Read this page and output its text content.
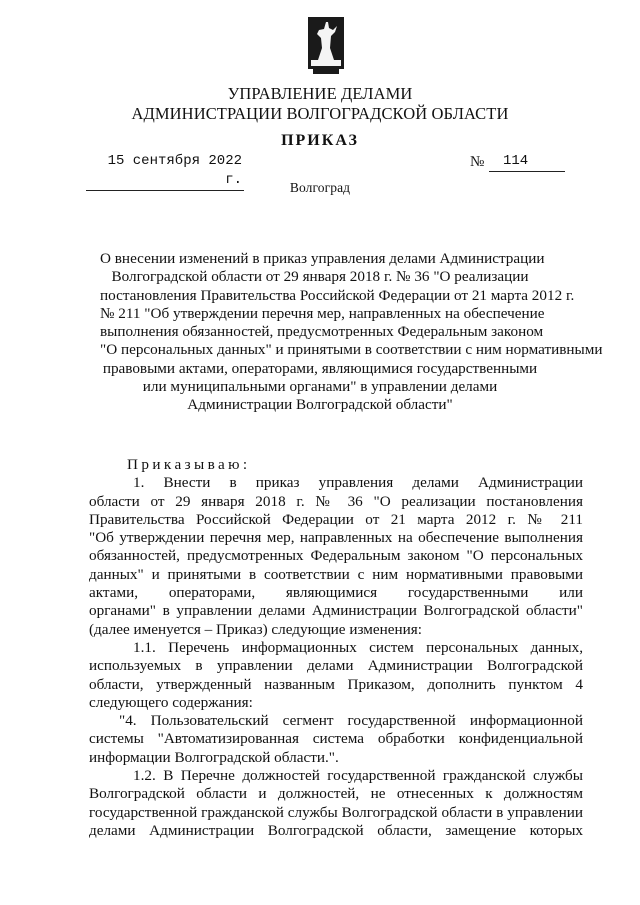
УПРАВЛЕНИЕ ДЕЛАМИ
АДМИНИСТРАЦИИ ВОЛГОГРАДСКОЙ ОБЛАСТИ
ПРИКАЗ
15 сентября 2022 г.
№	114
Волгоград
О внесении изменений в приказ управления делами Администрации
Волгоградской области от 29 января 2018 г. № 36 "О реализации
постановления Правительства Российской Федерации от 21 марта 2012 г.
№ 211 "Об утверждении перечня мер, направленных на обеспечение
выполнения обязанностей, предусмотренных Федеральным законом
"О персональных данных" и принятыми в соответствии с ним нормативными
правовыми актами, операторами, являющимися государственными
или муниципальными органами" в управлении делами
Администрации Волгоградской области"
Приказываю:
1. Внести в приказ управления делами Администрации
области от 29 января 2018 г. № 36 "О реализации постановления
Правительства Российской Федерации от 21 марта 2012 г. № 211
"Об утверждении перечня мер, направленных на обеспечение выполнения
обязанностей, предусмотренных Федеральным законом "О персональных
данных" и принятыми в соответствии с ним нормативными правовыми
актами, операторами, являющимися государственными или
органами" в управлении делами Администрации Волгоградской области"
(далее именуется – Приказ) следующие изменения:
1.1. Перечень информационных систем персональных данных,
используемых в управлении делами Администрации Волгоградской
области, утвержденный названным Приказом, дополнить пунктом 4
следующего содержания:
"4. Пользовательский сегмент государственной информационной
системы "Автоматизированная система обработки конфиденциальной
информации Волгоградской области.".
1.2. В Перечне должностей государственной гражданской службы
Волгоградской области и должностей, не отнесенных к должностям
государственной гражданской службы Волгоградской области в управлении
делами Администрации Волгоградской области, замещение которых
